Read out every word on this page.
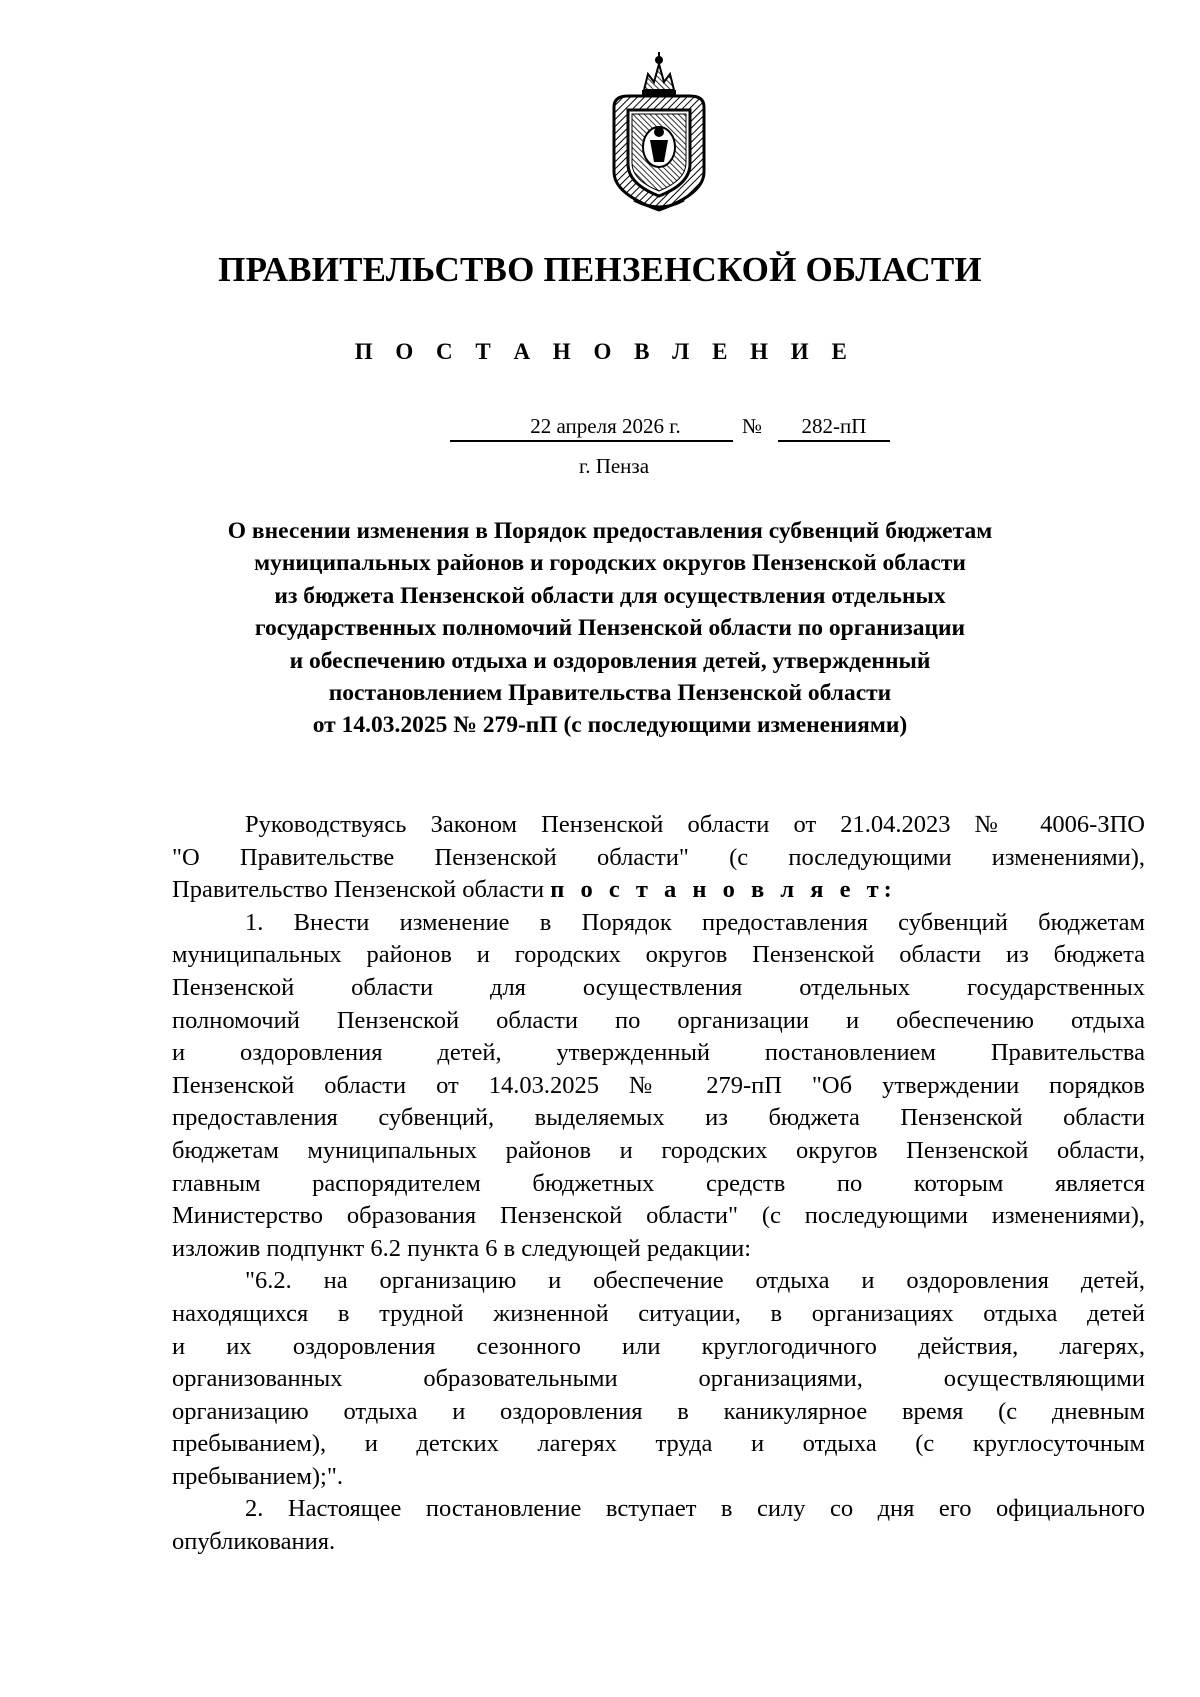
ПРАВИТЕЛЬСТВО ПЕНЗЕНСКОЙ ОБЛАСТИ
П О С Т А Н О В Л Е Н И Е
22 апреля 2026 г.	№	282-пП
г. Пенза
О внесении изменения в Порядок предоставления субвенций бюджетам
муниципальных районов и городских округов Пензенской области
из бюджета Пензенской области для осуществления отдельных
государственных полномочий Пензенской области по организации
и обеспечению отдыха и оздоровления детей, утвержденный
постановлением Правительства Пензенской области
от 14.03.2025 № 279-пП (с последующими изменениями)
Руководствуясь Законом Пензенской области от 21.04.2023 № 4006-ЗПО
"О Правительстве Пензенской области" (с последующими изменениями),
Правительство Пензенской области п о с т а н о в л я е т:
1. Внести изменение в Порядок предоставления субвенций бюджетам
муниципальных районов и городских округов Пензенской области из бюджета
Пензенской области для осуществления отдельных государственных
полномочий Пензенской области по организации и обеспечению отдыха
и оздоровления детей, утвержденный постановлением Правительства
Пензенской области от 14.03.2025 № 279-пП "Об утверждении порядков
предоставления субвенций, выделяемых из бюджета Пензенской области
бюджетам муниципальных районов и городских округов Пензенской области,
главным распорядителем бюджетных средств по которым является
Министерство образования Пензенской области" (с последующими изменениями),
изложив подпункт 6.2 пункта 6 в следующей редакции:
"6.2. на организацию и обеспечение отдыха и оздоровления детей,
находящихся в трудной жизненной ситуации, в организациях отдыха детей
и их оздоровления сезонного или круглогодичного действия, лагерях,
организованных образовательными организациями, осуществляющими
организацию отдыха и оздоровления в каникулярное время (с дневным
пребыванием), и детских лагерях труда и отдыха (с круглосуточным
пребыванием);".
2. Настоящее постановление вступает в силу со дня его официального
опубликования.
